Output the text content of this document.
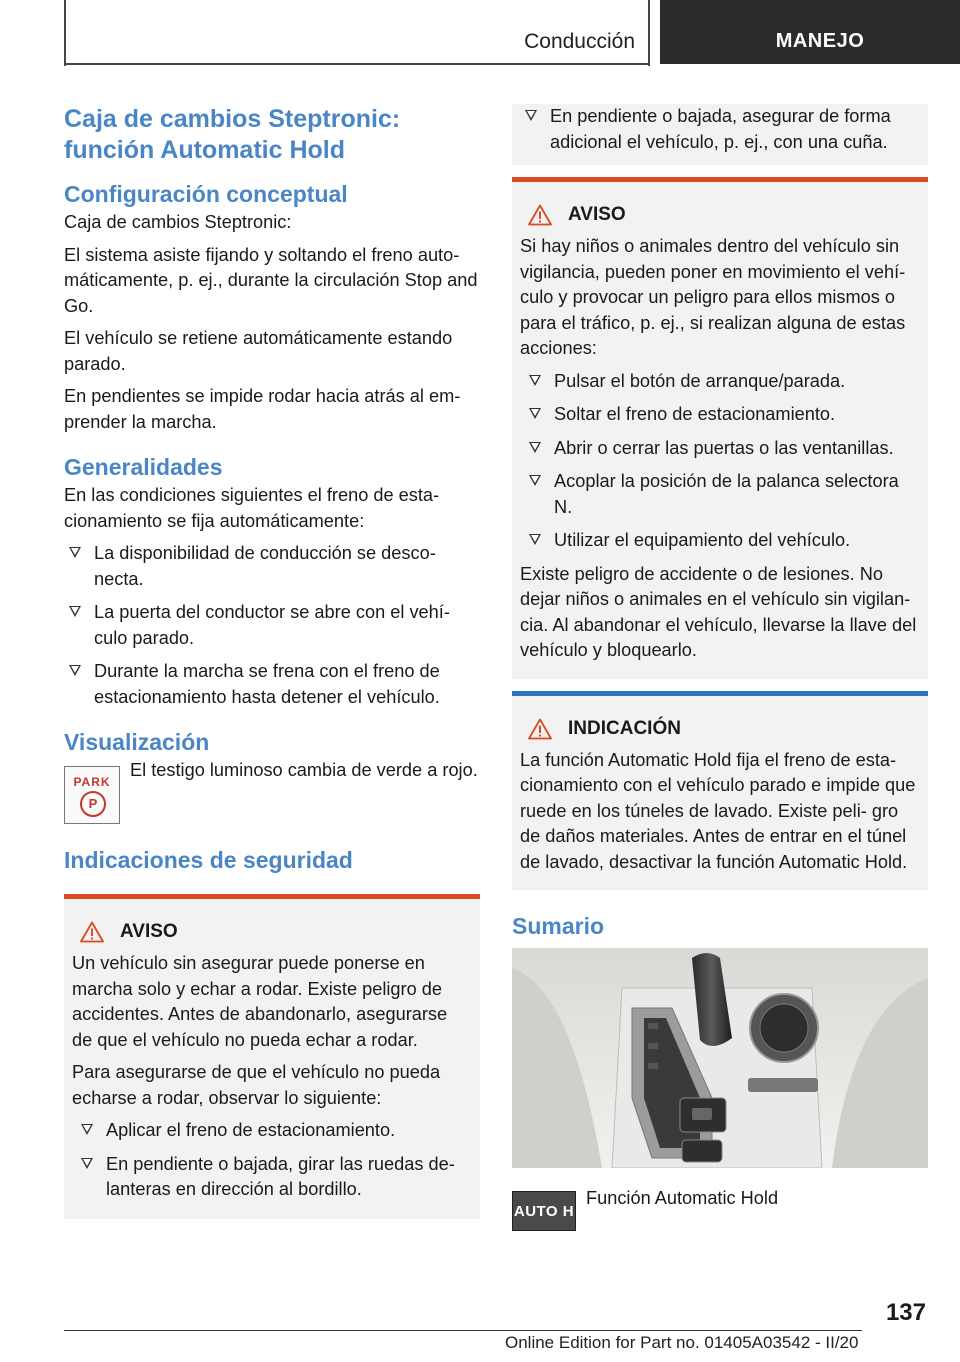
Conducción	MANEJO
Caja de cambios Steptronic: función Automatic Hold
Configuración conceptual

Caja de cambios Steptronic:

El sistema asiste fijando y soltando el freno auto‐ máticamente, p. ej., durante la circulación Stop and Go.

El vehículo se retiene automáticamente estando parado.

En pendientes se impide rodar hacia atrás al em‐ prender la marcha.

Generalidades

En las condiciones siguientes el freno de esta‐ cionamiento se fija automáticamente:

La disponibilidad de conducción se desco‐ necta.
La puerta del conductor se abre con el vehí‐ culo parado.
Durante la marcha se frena con el freno de estacionamiento hasta detener el vehículo.
Visualización
PARK
P

El testigo luminoso cambia de verde a rojo.

Indicaciones de seguridad
AVISO

Un vehículo sin asegurar puede ponerse en marcha solo y echar a rodar. Existe peligro de accidentes. Antes de abandonarlo, asegurarse de que el vehículo no pueda echar a rodar.

Para asegurarse de que el vehículo no pueda echarse a rodar, observar lo siguiente:

Aplicar el freno de estacionamiento.
En pendiente o bajada, girar las ruedas de‐ lanteras en dirección al bordillo.
En pendiente o bajada, asegurar de forma adicional el vehículo, p. ej., con una cuña.
AVISO

Si hay niños o animales dentro del vehículo sin vigilancia, pueden poner en movimiento el vehí‐ culo y provocar un peligro para ellos mismos o para el tráfico, p. ej., si realizan alguna de estas acciones:

Pulsar el botón de arranque/parada.
Soltar el freno de estacionamiento.
Abrir o cerrar las puertas o las ventanillas.
Acoplar la posición de la palanca selectora N.
Utilizar el equipamiento del vehículo.

Existe peligro de accidente o de lesiones. No dejar niños o animales en el vehículo sin vigilan‐ cia. Al abandonar el vehículo, llevarse la llave del vehículo y bloquearlo.

INDICACIÓN

La función Automatic Hold fija el freno de esta‐ cionamiento con el vehículo parado e impide que ruede en los túneles de lavado. Existe peli‐ gro de daños materiales. Antes de entrar en el túnel de lavado, desactivar la función Automatic Hold.

Sumario
AUTO H

Función Automatic Hold

137
Online Edition for Part no. 01405A03542 - II/20
